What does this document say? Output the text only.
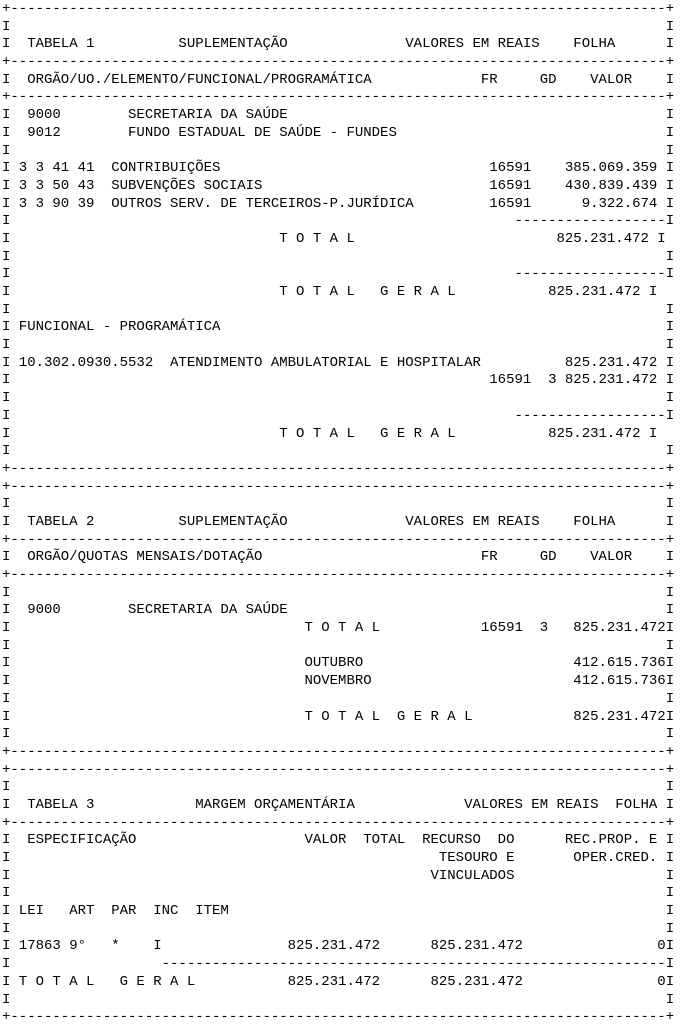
+------------------------------------------------------------------------------+
I                                                                              I
I  TABELA 1          SUPLEMENTAÇÃO              VALORES EM REAIS    FOLHA      I
+------------------------------------------------------------------------------+
I  ORGÃO/UO./ELEMENTO/FUNCIONAL/PROGRAMÁTICA             FR     GD    VALOR    I
+------------------------------------------------------------------------------+
I  9000        SECRETARIA DA SAÚDE                                             I
I  9012        FUNDO ESTADUAL DE SAÚDE - FUNDES                                I
I                                                                              I
I 3 3 41 41  CONTRIBUIÇÕES                                16591    385.069.359 I
I 3 3 50 43  SUBVENÇÕES SOCIAIS                           16591    430.839.439 I
I 3 3 90 39  OUTROS SERV. DE TERCEIROS-P.JURÍDICA         16591      9.322.674 I
I                                                            ------------------I
I                                T O T A L                        825.231.472 I
I                                                                              I
I                                                            ------------------I
I                                T O T A L   G E R A L           825.231.472 I
I                                                                              I
I FUNCIONAL - PROGRAMÁTICA                                                     I
I                                                                              I
I 10.302.0930.5532  ATENDIMENTO AMBULATORIAL E HOSPITALAR          825.231.472 I
I                                                         16591  3 825.231.472 I
I                                                                              I
I                                                            ------------------I
I                                T O T A L   G E R A L           825.231.472 I
I                                                                              I
+------------------------------------------------------------------------------+
+------------------------------------------------------------------------------+
I                                                                              I
I  TABELA 2          SUPLEMENTAÇÃO              VALORES EM REAIS    FOLHA      I
+------------------------------------------------------------------------------+
I  ORGÃO/QUOTAS MENSAIS/DOTAÇÃO                          FR     GD    VALOR    I
+------------------------------------------------------------------------------+
I                                                                              I
I  9000        SECRETARIA DA SAÚDE                                             I
I                                   T O T A L            16591  3   825.231.472I
I                                                                              I
I                                   OUTUBRO                         412.615.736I
I                                   NOVEMBRO                        412.615.736I
I                                                                              I
I                                   T O T A L  G E R A L            825.231.472I
I                                                                              I
+------------------------------------------------------------------------------+
+------------------------------------------------------------------------------+
I                                                                              I
I  TABELA 3            MARGEM ORÇAMENTÁRIA             VALORES EM REAIS  FOLHA I
+------------------------------------------------------------------------------+
I  ESPECIFICAÇÃO                    VALOR  TOTAL  RECURSO  DO      REC.PROP. E I
I                                                   TESOURO E       OPER.CRED. I
I                                                  VINCULADOS                  I
I                                                                              I
I LEI   ART  PAR  INC  ITEM                                                    I
I                                                                              I
I 17863 9°   *    I               825.231.472      825.231.472                0I
I                  ------------------------------------------------------------I
I T O T A L   G E R A L           825.231.472      825.231.472                0I
I                                                                              I
+------------------------------------------------------------------------------+
